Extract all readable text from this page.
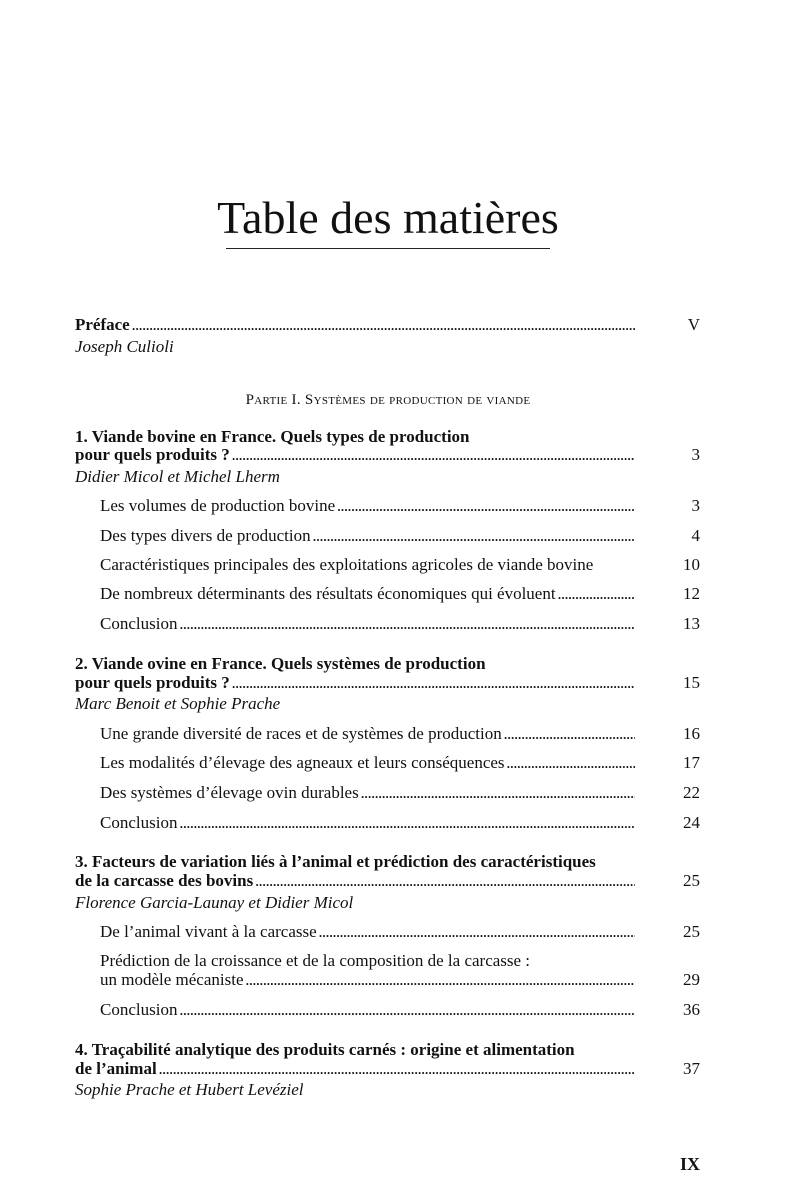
Table des matières
Préface . . .	V
Joseph Culioli
Partie I. Systèmes de production de viande
1. Viande bovine en France. Quels types de production
pour quels produits ? . . .	3
Didier Micol et Michel Lherm
Les volumes de production bovine . . .	3
Des types divers de production . . .	4
Caractéristiques principales des exploitations agricoles de viande bovine	10
De nombreux déterminants des résultats économiques qui évoluent . . .	12
Conclusion . . .	13
2. Viande ovine en France. Quels systèmes de production
pour quels produits ? . . .	15
Marc Benoit et Sophie Prache
Une grande diversité de races et de systèmes de production . . .	16
Les modalités d’élevage des agneaux et leurs conséquences . . .	17
Des systèmes d’élevage ovin durables . . .	22
Conclusion . . .	24
3. Facteurs de variation liés à l’animal et prédiction des caractéristiques
de la carcasse des bovins . . .	25
Florence Garcia-Launay et Didier Micol
De l’animal vivant à la carcasse . . .	25
Prédiction de la croissance et de la composition de la carcasse :
un modèle mécaniste . . .	29
Conclusion . . .	36
4. Traçabilité analytique des produits carnés : origine et alimentation
de l’animal . . .	37
Sophie Prache et Hubert Levéziel
IX
